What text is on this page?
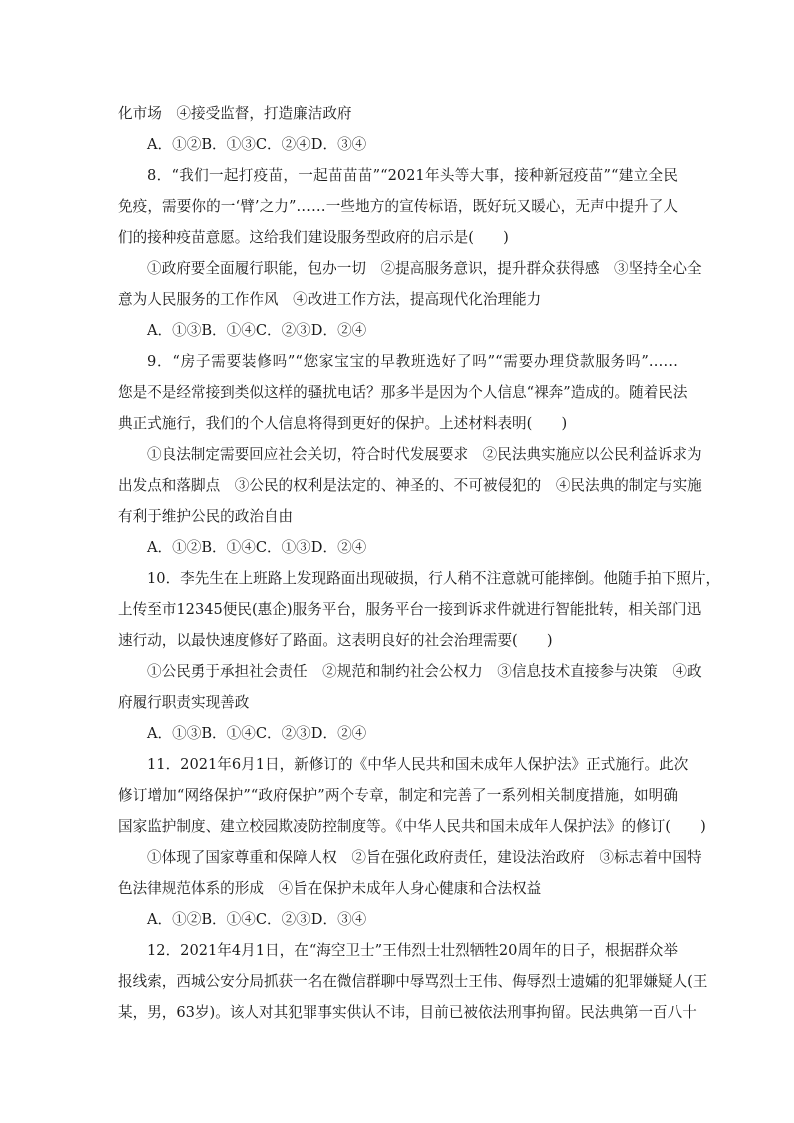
化市场　④接受监督，打造廉洁政府
A．①②B．①③C．②④D．③④
8．“我们一起打疫苗，一起苗苗苗”“2021年头等大事，接种新冠疫苗”“建立全民
免疫，需要你的一‘臂’之力”……一些地方的宣传标语，既好玩又暖心，无声中提升了人
们的接种疫苗意愿。这给我们建设服务型政府的启示是(　　)
①政府要全面履行职能，包办一切　②提高服务意识，提升群众获得感　③坚持全心全
意为人民服务的工作作风　④改进工作方法，提高现代化治理能力
A．①③B．①④C．②③D．②④
9．“房子需要装修吗”“您家宝宝的早教班选好了吗”“需要办理贷款服务吗”……
您是不是经常接到类似这样的骚扰电话？那多半是因为个人信息“裸奔”造成的。随着民法
典正式施行，我们的个人信息将得到更好的保护。上述材料表明(　　)
①良法制定需要回应社会关切，符合时代发展要求　②民法典实施应以公民利益诉求为
出发点和落脚点　③公民的权利是法定的、神圣的、不可被侵犯的　④民法典的制定与实施
有利于维护公民的政治自由
A．①②B．①④C．①③D．②④
10．李先生在上班路上发现路面出现破损，行人稍不注意就可能摔倒。他随手拍下照片，
上传至市12345便民(惠企)服务平台，服务平台一接到诉求件就进行智能批转，相关部门迅
速行动，以最快速度修好了路面。这表明良好的社会治理需要(　　)
①公民勇于承担社会责任　②规范和制约社会公权力　③信息技术直接参与决策　④政
府履行职责实现善政
A．①③B．①④C．②③D．②④
11．2021年6月1日，新修订的《中华人民共和国未成年人保护法》正式施行。此次
修订增加“网络保护”“政府保护”两个专章，制定和完善了一系列相关制度措施，如明确
国家监护制度、建立校园欺凌防控制度等。《中华人民共和国未成年人保护法》的修订(　　)
①体现了国家尊重和保障人权　②旨在强化政府责任，建设法治政府　③标志着中国特
色法律规范体系的形成　④旨在保护未成年人身心健康和合法权益
A．①②B．①④C．②③D．③④
12．2021年4月1日，在“海空卫士”王伟烈士壮烈牺牲20周年的日子，根据群众举
报线索，西城公安分局抓获一名在微信群聊中辱骂烈士王伟、侮辱烈士遗孀的犯罪嫌疑人(王
某，男，63岁)。该人对其犯罪事实供认不讳，目前已被依法刑事拘留。民法典第一百八十
